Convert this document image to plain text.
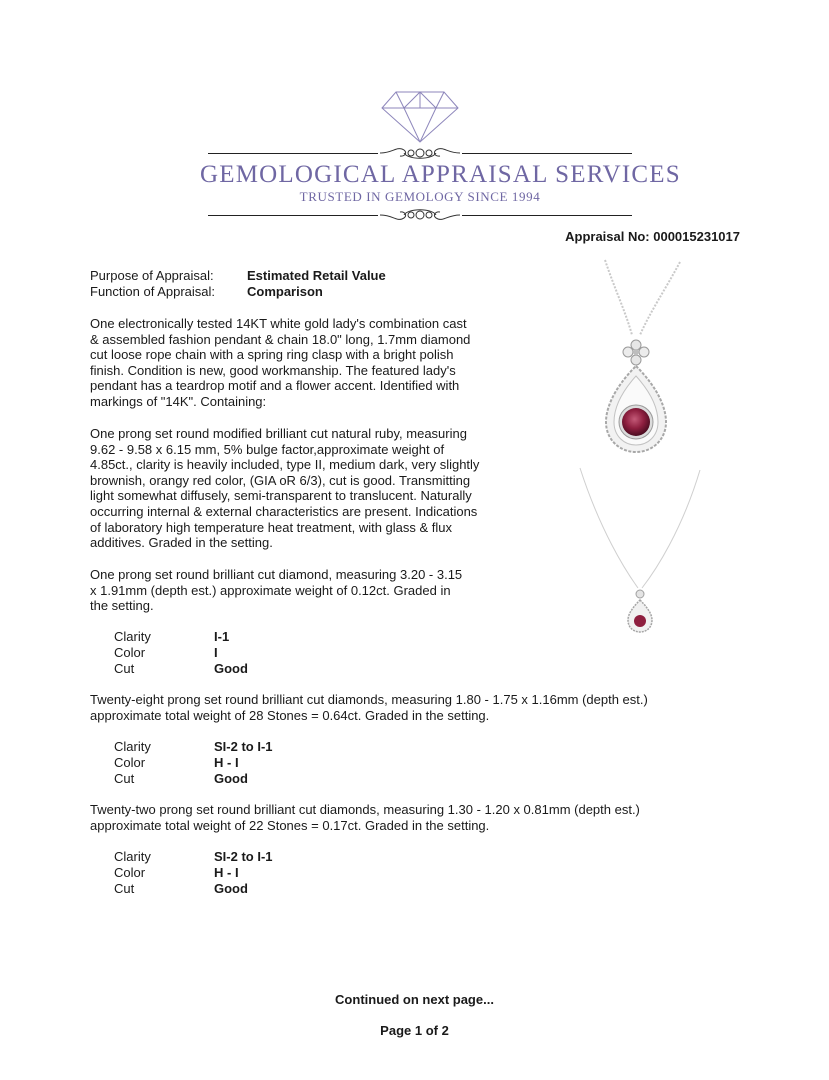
GEMOLOGICAL APPRAISAL SERVICES
TRUSTED IN GEMOLOGY SINCE 1994
Appraisal No: 000015231017
Purpose of Appraisal:	Estimated Retail Value
Function of Appraisal: Comparison
One electronically tested 14KT white gold lady's combination cast
& assembled fashion pendant & chain 18.0" long, 1.7mm diamond
cut loose rope chain with a spring ring clasp with a bright polish
finish. Condition is new, good workmanship. The featured lady's
pendant has a teardrop motif and a flower accent. Identified with
markings of "14K". Containing:
One prong set round modified brilliant cut natural ruby, measuring
9.62 - 9.58 x 6.15 mm, 5% bulge factor,approximate weight of
4.85ct., clarity is heavily included, type II, medium dark, very slightly
brownish, orangy red color, (GIA oR 6/3), cut is good. Transmitting
light somewhat diffusely, semi-transparent to translucent. Naturally
occurring internal & external characteristics are present. Indications
of laboratory high temperature heat treatment, with glass & flux
additives. Graded in the setting.
One prong set round brilliant cut diamond, measuring 3.20 - 3.15
x 1.91mm (depth est.) approximate weight of 0.12ct. Graded in
the setting.
Clarity	I-1
Color	I
Cut	Good
Twenty-eight prong set round brilliant cut diamonds, measuring 1.80 - 1.75 x 1.16mm (depth est.)
approximate total weight of 28 Stones = 0.64ct. Graded in the setting.
Clarity	SI-2 to I-1
Color	H - I
Cut	Good
Twenty-two prong set round brilliant cut diamonds, measuring 1.30 - 1.20 x 0.81mm (depth est.)
approximate total weight of 22 Stones = 0.17ct. Graded in the setting.
Clarity	SI-2 to I-1
Color	H - I
Cut	Good
Continued on next page...
Page 1 of 2
